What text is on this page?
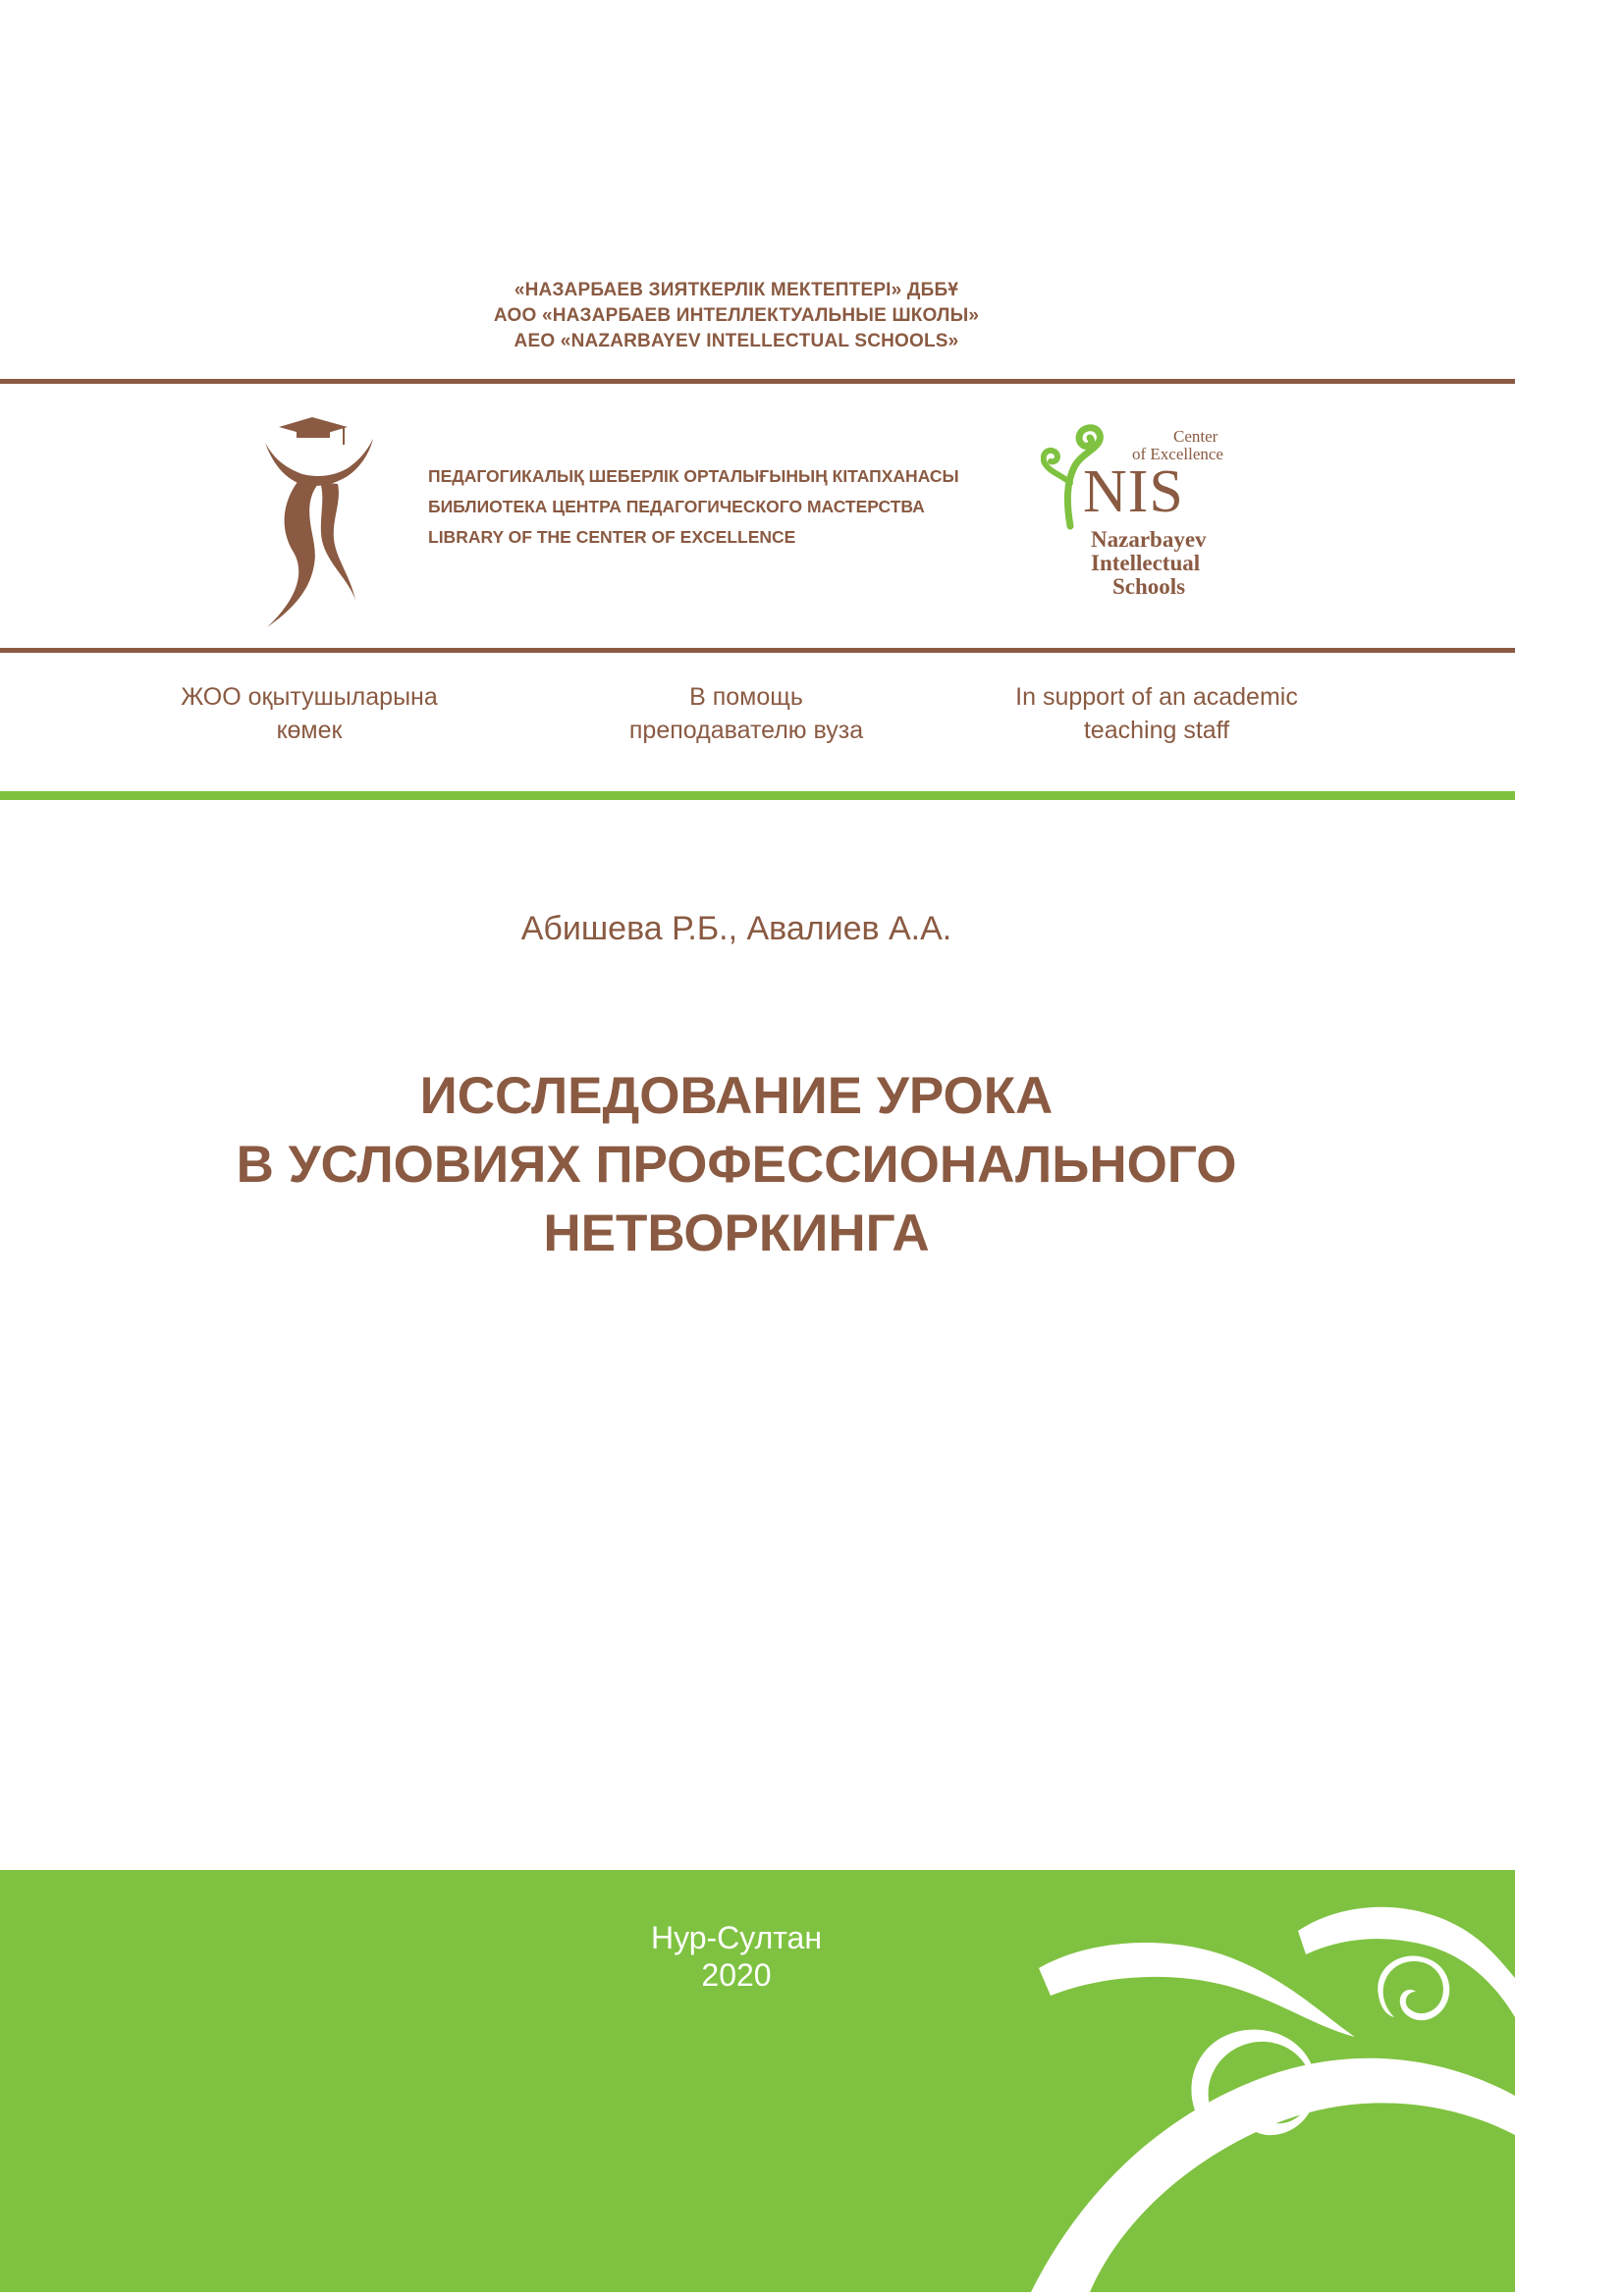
«НАЗАРБАЕВ ЗИЯТКЕРЛІК МЕКТЕПТЕРІ» ДББҰ
АОО «НАЗАРБАЕВ ИНТЕЛЛЕКТУАЛЬНЫЕ ШКОЛЫ»
AEO «NAZARBAYEV INTELLECTUAL SCHOOLS»
ПЕДАГОГИКАЛЫҚ ШЕБЕРЛІК ОРТАЛЫҒЫНЫҢ КІТАПХАНАСЫ
БИБЛИОТЕКА ЦЕНТРА ПЕДАГОГИЧЕСКОГО МАСТЕРСТВА
LIBRARY OF THE CENTER OF EXCELLENCE
Center
of Excellence
NIS
Nazarbayev
Intellectual
Schools
ЖОО оқытушыларына
көмек
В помощь
преподавателю вуза
In support of an academic
teaching staff
Абишева Р.Б., Авалиев А.А.
ИССЛЕДОВАНИЕ УРОКА
В УСЛОВИЯХ ПРОФЕССИОНАЛЬНОГО
НЕТВОРКИНГА
Нур-Султан
2020
